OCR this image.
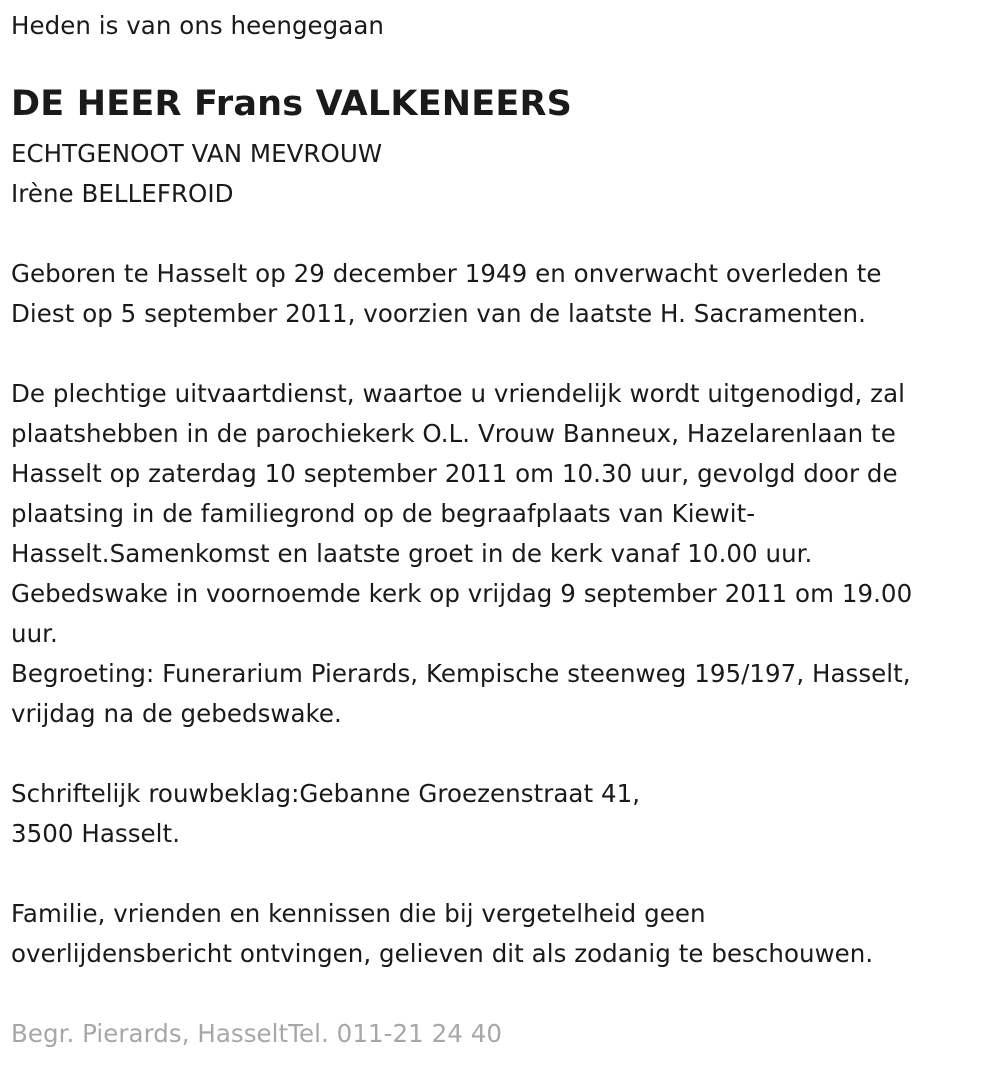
Heden is van ons heengegaan
DE HEER Frans VALKENEERS
ECHTGENOOT VAN MEVROUW
Irène BELLEFROID
Geboren te Hasselt op 29 december 1949 en onverwacht overleden te
Diest op 5 september 2011, voorzien van de laatste H. Sacramenten.
De plechtige uitvaartdienst, waartoe u vriendelijk wordt uitgenodigd, zal
plaatshebben in de parochiekerk O.L. Vrouw Banneux, Hazelarenlaan te
Hasselt op zaterdag 10 september 2011 om 10.30 uur, gevolgd door de
plaatsing in de familiegrond op de begraafplaats van Kiewit-
Hasselt.Samenkomst en laatste groet in de kerk vanaf 10.00 uur.
Gebedswake in voornoemde kerk op vrijdag 9 september 2011 om 19.00
uur.
Begroeting: Funerarium Pierards, Kempische steenweg 195/197, Hasselt,
vrijdag na de gebedswake.
Schriftelijk rouwbeklag:Gebanne Groezenstraat 41,
3500 Hasselt.
Familie, vrienden en kennissen die bij vergetelheid geen
overlijdensbericht ontvingen, gelieven dit als zodanig te beschouwen.
Begr. Pierards, HasseltTel. 011-21 24 40
